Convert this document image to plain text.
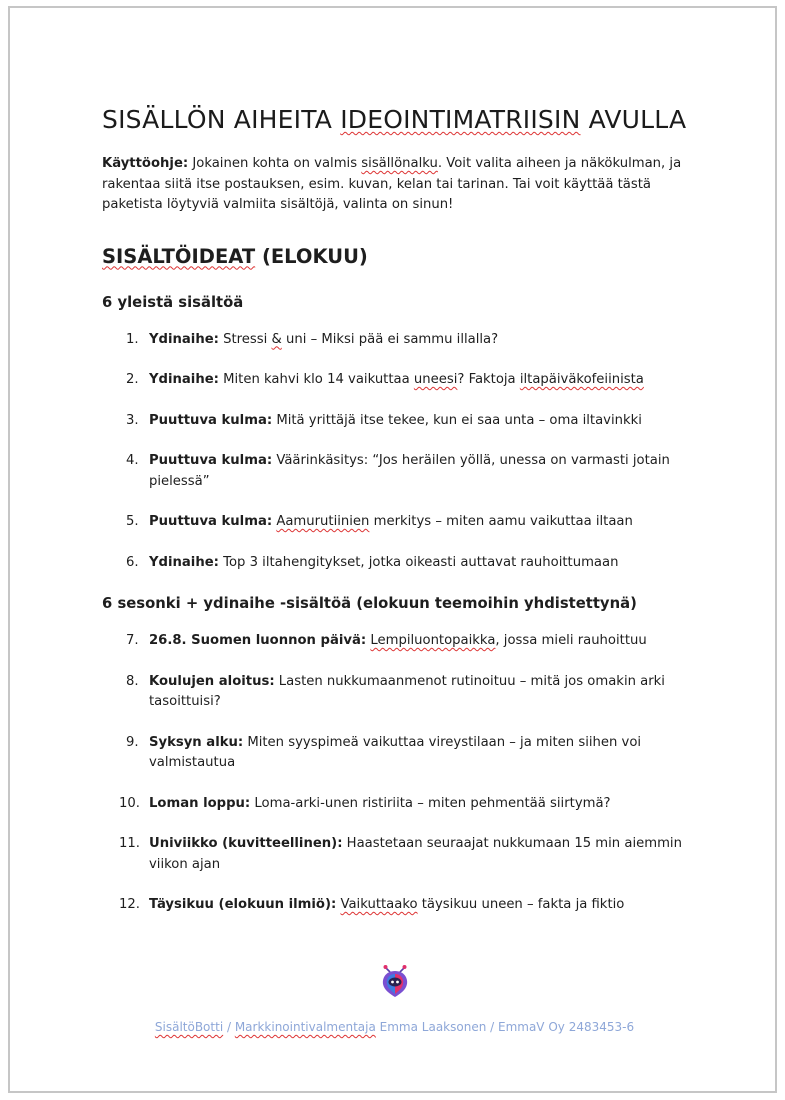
SISÄLLÖN AIHEITA IDEOINTIMATRIISIN AVULLA

Käyttöohje: Jokainen kohta on valmis sisällönalku. Voit valita aiheen ja näkökulman, ja rakentaa siitä itse postauksen, esim. kuvan, kelan tai tarinan. Tai voit käyttää tästä paketista löytyviä valmiita sisältöjä, valinta on sinun!

SISÄLTÖIDEAT (ELOKUU)
6 yleistä sisältöä
1. Ydinaihe: Stressi & uni – Miksi pää ei sammu illalla?
2. Ydinaihe: Miten kahvi klo 14 vaikuttaa uneesi? Faktoja iltapäiväkofeiinista
3. Puuttuva kulma: Mitä yrittäjä itse tekee, kun ei saa unta – oma iltavinkki
4. Puuttuva kulma: Väärinkäsitys: “Jos heräilen yöllä, unessa on varmasti jotain pielessä”
5. Puuttuva kulma: Aamurutiinien merkitys – miten aamu vaikuttaa iltaan
6. Ydinaihe: Top 3 iltahengitykset, jotka oikeasti auttavat rauhoittumaan
6 sesonki + ydinaihe -sisältöä (elokuun teemoihin yhdistettynä)
7. 26.8. Suomen luonnon päivä: Lempiluontopaikka, jossa mieli rauhoittuu
8. Koulujen aloitus: Lasten nukkumaanmenot rutinoituu – mitä jos omakin arki tasoittuisi?
9. Syksyn alku: Miten syyspimeä vaikuttaa vireystilaan – ja miten siihen voi valmistautua
10. Loman loppu: Loma-arki-unen ristiriita – miten pehmentää siirtymä?
11. Univiikko (kuvitteellinen): Haastetaan seuraajat nukkumaan 15 min aiemmin viikon ajan
12. Täysikuu (elokuun ilmiö): Vaikuttaako täysikuu uneen – fakta ja fiktio
SisältöBotti / Markkinointivalmentaja Emma Laaksonen / EmmaV Oy 2483453-6
